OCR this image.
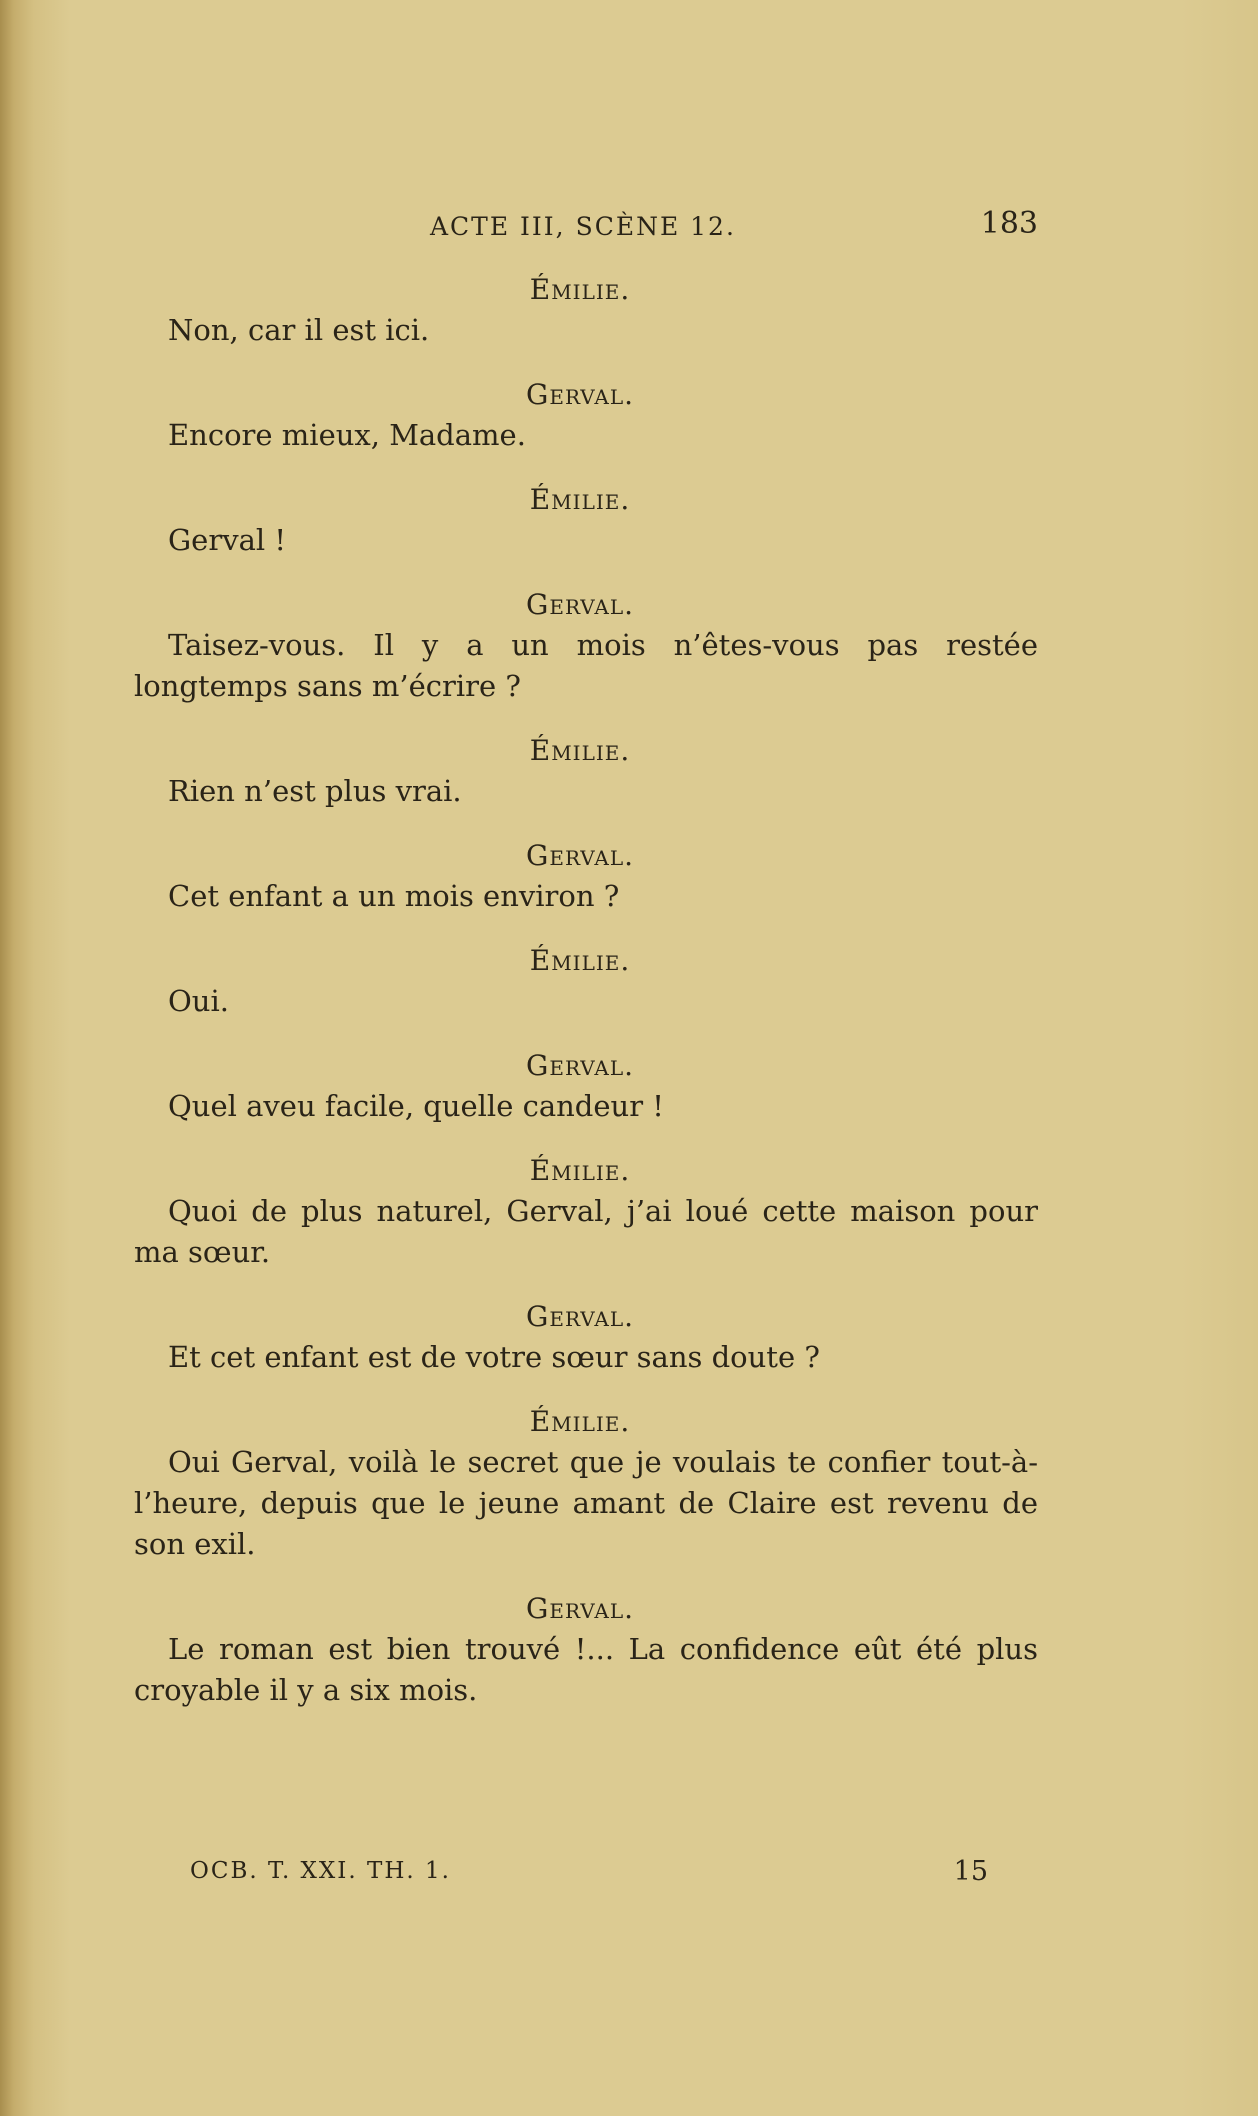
ACTE III, SCÈNE 12.	183

Émilie.

Non, car il est ici.

Gerval.

Encore mieux, Madame.

Émilie.

Gerval !

Gerval.

Taisez-vous. Il y a un mois n’êtes-vous pas restée longtemps sans m’écrire ?

Émilie.

Rien n’est plus vrai.

Gerval.

Cet enfant a un mois environ ?

Émilie.

Oui.

Gerval.

Quel aveu facile, quelle candeur !

Émilie.

Quoi de plus naturel, Gerval, j’ai loué cette maison pour ma sœur.

Gerval.

Et cet enfant est de votre sœur sans doute ?

Émilie.

Oui Gerval, voilà le secret que je voulais te confier tout-à-l’heure, depuis que le jeune amant de Claire est revenu de son exil.

Gerval.

Le roman est bien trouvé !... La confidence eût été plus croyable il y a six mois.

OCB. T. XXI. TH. 1.	15
